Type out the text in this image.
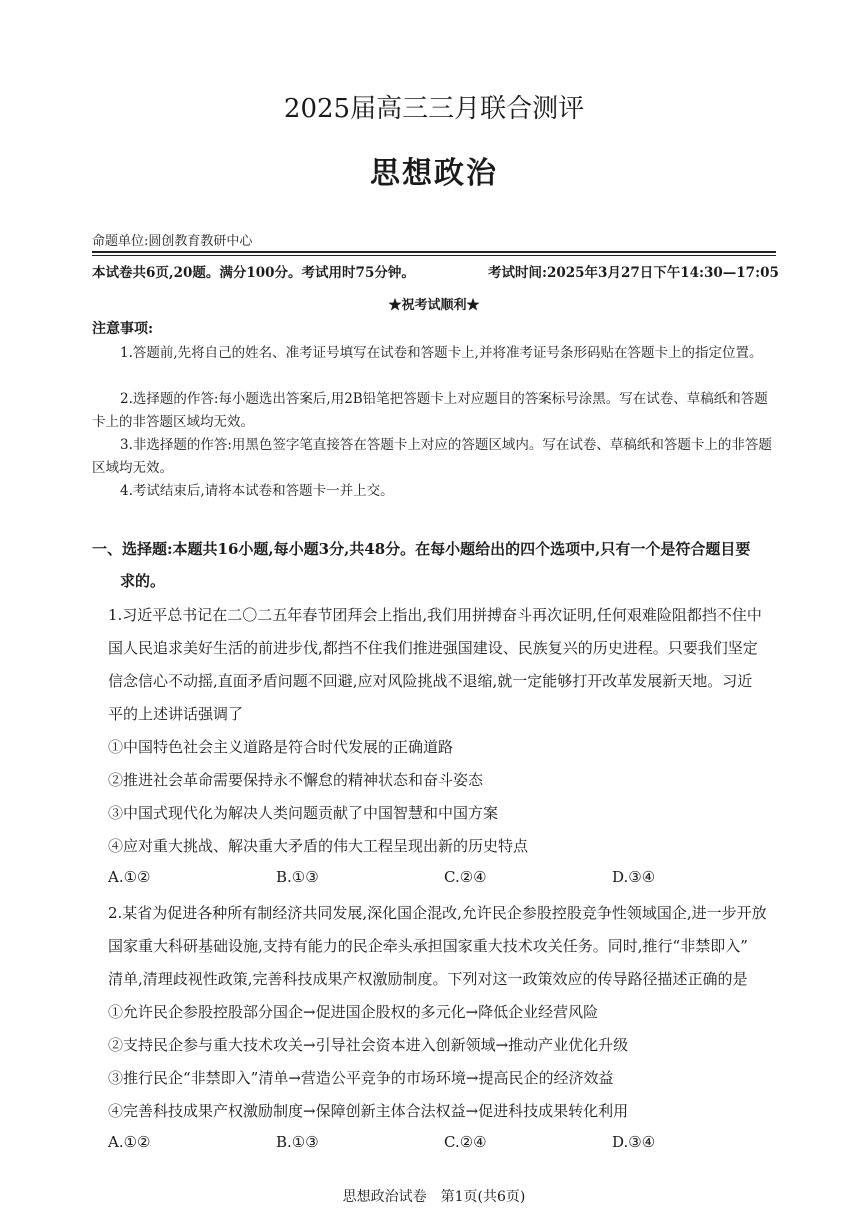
2025届高三三月联合测评
思想政治
命题单位:圆创教育教研中心
本试卷共6页,20题。满分100分。考试用时75分钟。	考试时间:2025年3月27日下午14:30—17:05
★祝考试顺利★
注意事项:
1.答题前,先将自己的姓名、准考证号填写在试卷和答题卡上,并将准考证号条形码贴在答题卡上的指定位置。
2.选择题的作答:每小题选出答案后,用2B铅笔把答题卡上对应题目的答案标号涂黑。写在试卷、草稿纸和答题卡上的非答题区域均无效。
3.非选择题的作答:用黑色签字笔直接答在答题卡上对应的答题区域内。写在试卷、草稿纸和答题卡上的非答题区域均无效。
4.考试结束后,请将本试卷和答题卡一并上交。
一、选择题:本题共16小题,每小题3分,共48分。在每小题给出的四个选项中,只有一个是符合题目要
求的。
1.习近平总书记在二〇二五年春节团拜会上指出,我们用拼搏奋斗再次证明,任何艰难险阻都挡不住中
国人民追求美好生活的前进步伐,都挡不住我们推进强国建设、民族复兴的历史进程。只要我们坚定
信念信心不动摇,直面矛盾问题不回避,应对风险挑战不退缩,就一定能够打开改革发展新天地。习近
平的上述讲话强调了
①中国特色社会主义道路是符合时代发展的正确道路
②推进社会革命需要保持永不懈怠的精神状态和奋斗姿态
③中国式现代化为解决人类问题贡献了中国智慧和中国方案
④应对重大挑战、解决重大矛盾的伟大工程呈现出新的历史特点
A.①②	B.①③	C.②④	D.③④
2.某省为促进各种所有制经济共同发展,深化国企混改,允许民企参股控股竞争性领域国企,进一步开放
国家重大科研基础设施,支持有能力的民企牵头承担国家重大技术攻关任务。同时,推行“非禁即入”
清单,清理歧视性政策,完善科技成果产权激励制度。下列对这一政策效应的传导路径描述正确的是
①允许民企参股控股部分国企→促进国企股权的多元化→降低企业经营风险
②支持民企参与重大技术攻关→引导社会资本进入创新领域→推动产业优化升级
③推行民企“非禁即入”清单→营造公平竞争的市场环境→提高民企的经济效益
④完善科技成果产权激励制度→保障创新主体合法权益→促进科技成果转化利用
A.①②	B.①③	C.②④	D.③④
思想政治试卷　第1页(共6页)
